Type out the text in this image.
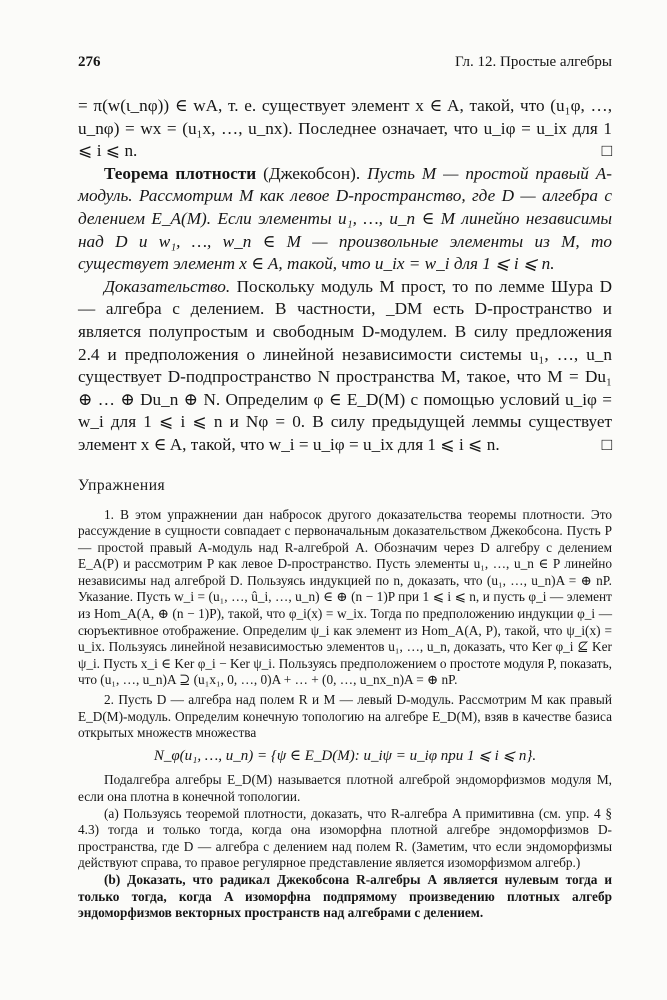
276	Гл. 12. Простые алгебры

= π(w(ι_nφ)) ∈ wA, т. е. существует элемент x ∈ A, такой, что (u₁φ, …, u_nφ) = wx = (u₁x, …, u_nx). Последнее означает, что u_iφ = u_ix для 1 ⩽ i ⩽ n.	□

Теорема плотности (Джекобсон). Пусть M — простой правый A-модуль. Рассмотрим M как левое D-пространство, где D — алгебра с делением E_A(M). Если элементы u₁, …, u_n ∈ M линейно независимы над D и w₁, …, w_n ∈ M — произвольные элементы из M, то существует элемент x ∈ A, такой, что u_ix = w_i для 1 ⩽ i ⩽ n.

Доказательство. Поскольку модуль M прост, то по лемме Шура D — алгебра с делением. В частности, _DM есть D-пространство и является полупростым и свободным D-модулем. В силу предложения 2.4 и предположения о линейной независимости системы u₁, …, u_n существует D-подпространство N пространства M, такое, что M = Du₁ ⊕ … ⊕ Du_n ⊕ N. Определим φ ∈ E_D(M) с помощью условий u_iφ = w_i для 1 ⩽ i ⩽ n и Nφ = 0. В силу предыдущей леммы существует элемент x ∈ A, такой, что w_i = u_iφ = u_ix для 1 ⩽ i ⩽ n.	□

Упражнения

1. В этом упражнении дан набросок другого доказательства теоремы плотности. Это рассуждение в сущности совпадает с первоначальным доказательством Джекобсона. Пусть P — простой правый A-модуль над R-алгеброй A. Обозначим через D алгебру с делением E_A(P) и рассмотрим P как левое D-пространство. Пусть элементы u₁, …, u_n ∈ P линейно независимы над алгеброй D. Пользуясь индукцией по n, доказать, что (u₁, …, u_n)A = ⊕ nP. Указание. Пусть w_i = (u₁, …, û_i, …, u_n) ∈ ⊕ (n − 1)P при 1 ⩽ i ⩽ n, и пусть φ_i — элемент из Hom_A(A, ⊕ (n − 1)P), такой, что φ_i(x) = w_ix. Тогда по предположению индукции φ_i — сюръективное отображение. Определим ψ_i как элемент из Hom_A(A, P), такой, что ψ_i(x) = u_ix. Пользуясь линейной независимостью элементов u₁, …, u_n, доказать, что Ker φ_i ⊈ Ker ψ_i. Пусть x_i ∈ Ker φ_i − Ker ψ_i. Пользуясь предположением о простоте модуля P, показать, что (u₁, …, u_n)A ⊇ (u₁x₁, 0, …, 0)A + … + (0, …, u_nx_n)A = ⊕ nP.

2. Пусть D — алгебра над полем R и M — левый D-модуль. Рассмотрим M как правый E_D(M)-модуль. Определим конечную топологию на алгебре E_D(M), взяв в качестве базиса открытых множеств множества

N_φ(u₁, …, u_n) = {ψ ∈ E_D(M): u_iψ = u_iφ при 1 ⩽ i ⩽ n}.

Подалгебра алгебры E_D(M) называется плотной алгеброй эндоморфизмов модуля M, если она плотна в конечной топологии.

(a) Пользуясь теоремой плотности, доказать, что R-алгебра A примитивна (см. упр. 4 § 4.3) тогда и только тогда, когда она изоморфна плотной алгебре эндоморфизмов D-пространства, где D — алгебра с делением над полем R. (Заметим, что если эндоморфизмы действуют справа, то правое регулярное представление является изоморфизмом алгебр.)

(b) Доказать, что радикал Джекобсона R-алгебры A является нулевым тогда и только тогда, когда A изоморфна подпрямому произведению плотных алгебр эндоморфизмов векторных пространств над алгебрами с делением.
